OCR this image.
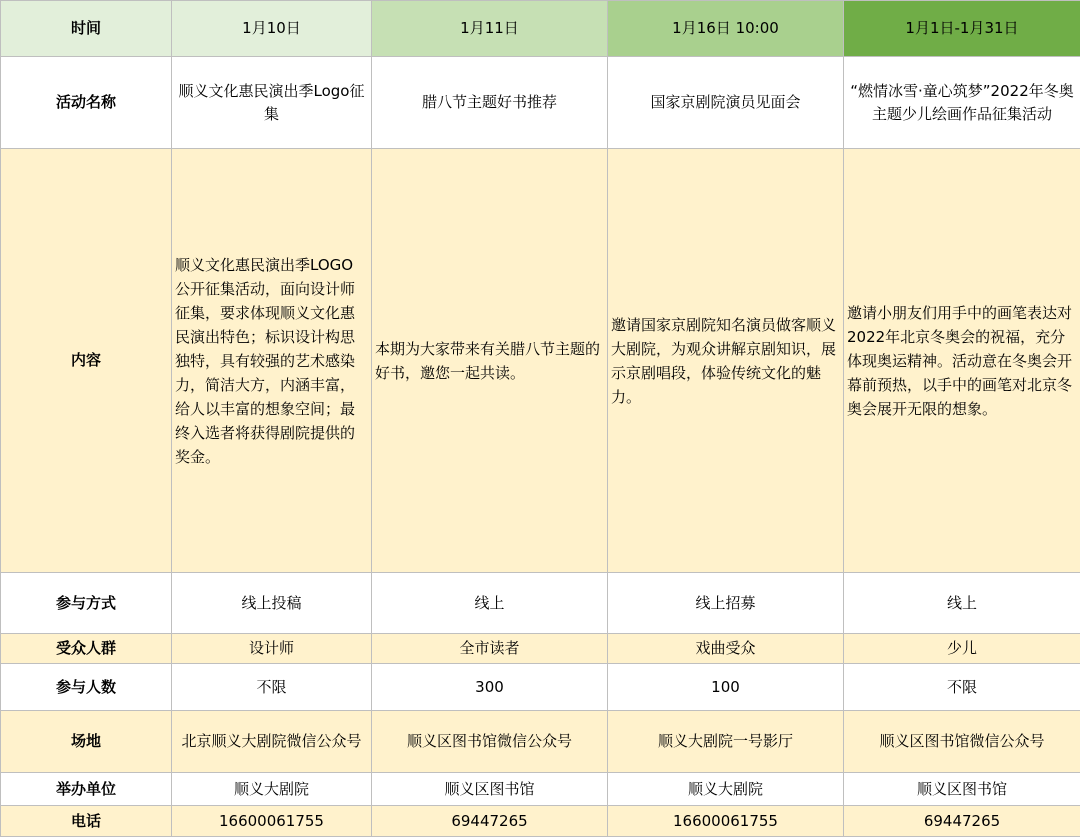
时间	1月10日	1月11日	1月16日 10:00	1月1日-1月31日
活动名称	顺义文化惠民演出季Logo征集	腊八节主题好书推荐	国家京剧院演员见面会	“燃情冰雪·童心筑梦”2022年冬奥主题少儿绘画作品征集活动
内容	顺义文化惠民演出季LOGO公开征集活动，面向设计师征集，要求体现顺义文化惠民演出特色；标识设计构思独特，具有较强的艺术感染力，简洁大方，内涵丰富，给人以丰富的想象空间；最终入选者将获得剧院提供的奖金。	本期为大家带来有关腊八节主题的好书，邀您一起共读。	邀请国家京剧院知名演员做客顺义大剧院，为观众讲解京剧知识，展示京剧唱段，体验传统文化的魅力。	邀请小朋友们用手中的画笔表达对2022年北京冬奥会的祝福，充分体现奥运精神。活动意在冬奥会开幕前预热，以手中的画笔对北京冬奥会展开无限的想象。
参与方式	线上投稿	线上	线上招募	线上
受众人群	设计师	全市读者	戏曲受众	少儿
参与人数	不限	300	100	不限
场地	北京顺义大剧院微信公众号	顺义区图书馆微信公众号	顺义大剧院一号影厅	顺义区图书馆微信公众号
举办单位	顺义大剧院	顺义区图书馆	顺义大剧院	顺义区图书馆
电话	16600061755	69447265	16600061755	69447265
